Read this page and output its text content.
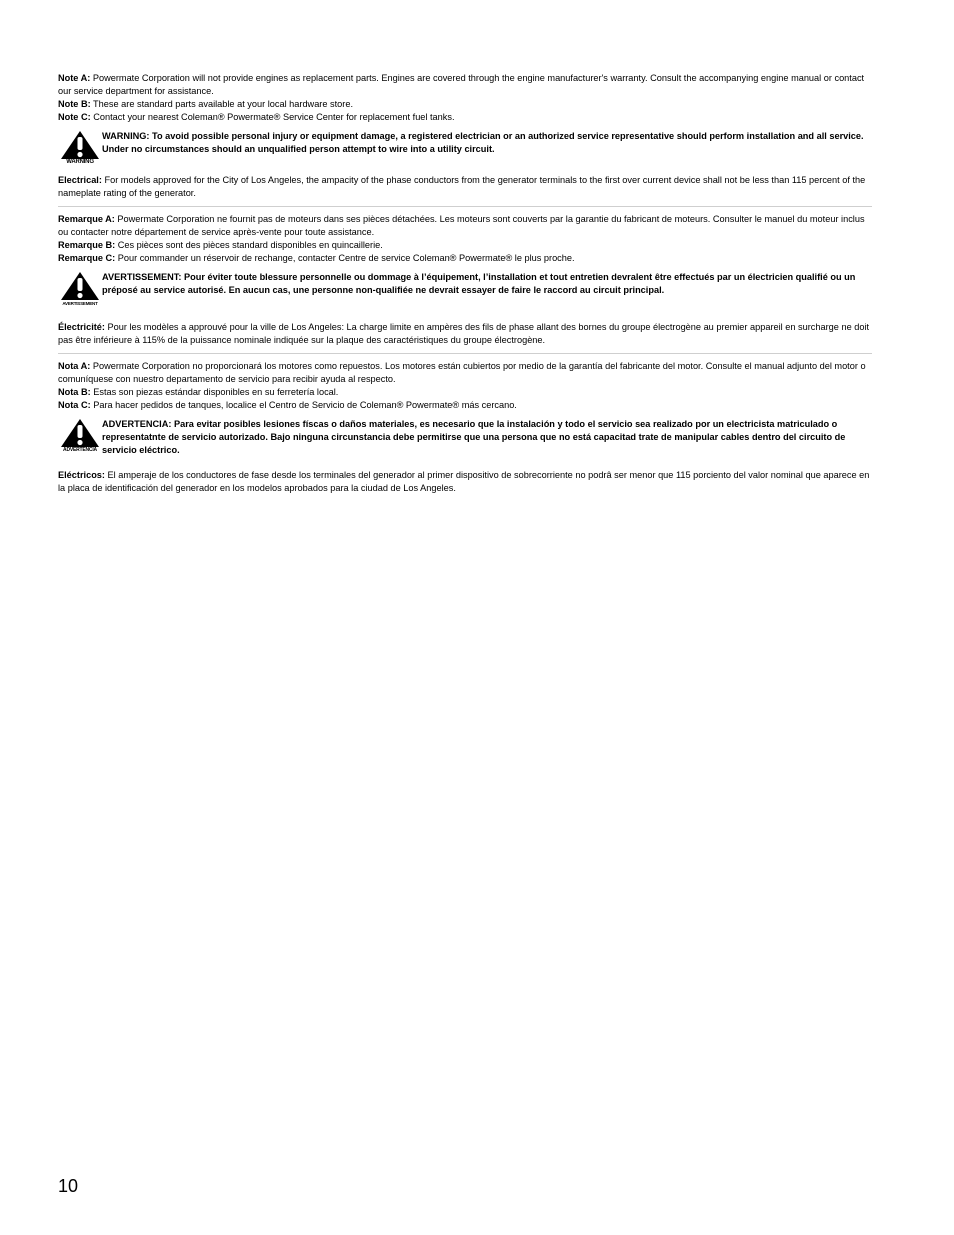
Note A: Powermate Corporation will not provide engines as replacement parts. Engines are covered through the engine manufacturer's warranty. Consult the accompanying engine manual or contact our service department for assistance.

Note B: These are standard parts available at your local hardware store.

Note C: Contact your nearest Coleman® Powermate® Service Center for replacement fuel tanks.

WARNING

WARNING: To avoid possible personal injury or equipment damage, a registered electrician or an authorized service representative should perform installation and all service. Under no circumstances should an unqualified person attempt to wire into a utility circuit.

Electrical: For models approved for the City of Los Angeles, the ampacity of the phase conductors from the generator terminals to the first over current device shall not be less than 115 percent of the nameplate rating of the generator.

Remarque A: Powermate Corporation ne fournit pas de moteurs dans ses pièces détachées. Les moteurs sont couverts par la garantie du fabricant de moteurs. Consulter le manuel du moteur inclus ou contacter notre département de service après-vente pour toute assistance.

Remarque B: Ces pièces sont des pièces standard disponibles en quincaillerie.

Remarque C: Pour commander un réservoir de rechange, contacter Centre de service Coleman® Powermate® le plus proche.

AVERTISSEMENT

AVERTISSEMENT: Pour éviter toute blessure personnelle ou dommage à l’équipement, l’installation et tout entretien devralent être effectués par un électricien qualifié ou un préposé au service autorisé. En aucun cas, une personne non-qualifiée ne devrait essayer de faire le raccord au circuit principal.

Électricité: Pour les modèles a approuvé pour la ville de Los Angeles: La charge limite en ampères des fils de phase allant des bornes du groupe électrogène au premier appareil en surcharge ne doit pas être inférieure à 115% de la puissance nominale indiquée sur la plaque des caractéristiques du groupe électrogène.

Nota A: Powermate Corporation no proporcionará los motores como repuestos. Los motores están cubiertos por medio de la garantía del fabricante del motor. Consulte el manual adjunto del motor o comuníquese con nuestro departamento de servicio para recibir ayuda al respecto.

Nota B: Estas son piezas estándar disponibles en su ferretería local.

Nota C: Para hacer pedidos de tanques, localice el Centro de Servicio de Coleman® Powermate® más cercano.

ADVERTENCIA

ADVERTENCIA: Para evitar posibles lesiones físcas o daños materiales, es necesario que la instalación y todo el servicio sea realizado por un electricista matriculado o representatnte de servicio autorizado. Bajo ninguna circunstancia debe permitirse que una persona que no está capacitad trate de manipular cables dentro del circuito de servicio eléctrico.

Eléctricos: El amperaje de los conductores de fase desde los terminales del generador al primer dispositivo de sobrecorriente no podrâ ser menor que 115 porciento del valor nominal que aparece en la placa de identificación del generador en los modelos aprobados para la ciudad de Los Angeles.

10
